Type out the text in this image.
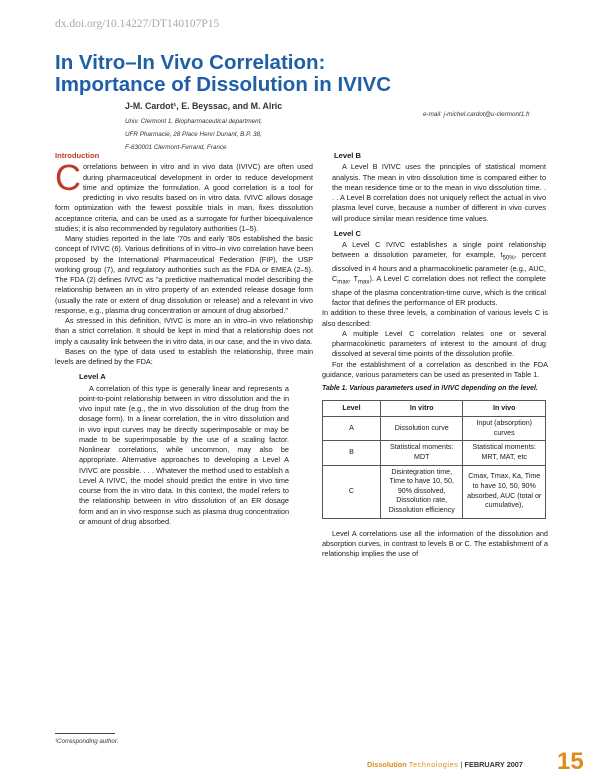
dx.doi.org/10.14227/DT140107P15
In Vitro–In Vivo Correlation:
Importance of Dissolution in IVIVC
J-M. Cardot¹, E. Beyssac, and M. Alric
Univ. Clermont 1, Biopharmaceutical department,
UFR Pharmacie, 28 Place Henri Dunant, B.P. 38,
F-630001 Clermont-Ferrand, France
e-mail: j-michel.cardot@u-clermont1.fr
Introduction

Correlations between in vitro and in vivo data (IVIVC) are often used during pharmaceutical development in order to reduce development time and optimize the formulation. A good correlation is a tool for predicting in vivo results based on in vitro data. IVIVC allows dosage form optimization with the fewest possible trials in man, fixes dissolution acceptance criteria, and can be used as a surrogate for further bioequivalence studies; it is also recommended by regulatory authorities (1–5).

Many studies reported in the late '70s and early '80s established the basic concept of IVIVC (6). Various definitions of in vitro–in vivo correlation have been proposed by the International Pharmaceutical Federation (FIP), the USP working group (7), and regulatory authorities such as the FDA or EMEA (2–5). The FDA (2) defines IVIVC as "a predictive mathematical model describing the relationship between an in vitro property of an extended release dosage form (usually the rate or extent of drug dissolution or release) and a relevant in vivo response, e.g., plasma drug concentration or amount of drug absorbed."

As stressed in this definition, IVIVC is more an in vitro–in vivo relationship than a strict correlation. It should be kept in mind that a relationship does not imply a causality link between the in vitro data, in our case, and the in vivo data.

Bases on the type of data used to establish the relationship, three main levels are defined by the FDA:

Level A

A correlation of this type is generally linear and represents a point-to-point relationship between in vitro dissolution and the in vivo input rate (e.g., the in vivo dissolution of the drug from the dosage form). In a linear correlation, the in vitro dissolution and in vivo input curves may be directly superimposable or may be made to be superimposable by the use of a scaling factor. Nonlinear correlations, while uncommon, may also be appropriate. Alternative approaches to developing a Level A IVIVC are possible. . . . Whatever the method used to establish a Level A IVIVC, the model should predict the entire in vivo time course from the in vitro data. In this context, the model refers to the relationship between in vitro dissolution of an ER dosage form and an in vivo response such as plasma drug concentration or amount of drug absorbed.

Level B

A Level B IVIVC uses the principles of statistical moment analysis. The mean in vitro dissolution time is compared either to the mean residence time or to the mean in vivo dissolution time. . . . A Level B correlation does not uniquely reflect the actual in vivo plasma level curve, because a number of different in vivo curves will produce similar mean residence time values.

Level C

A Level C IVIVC establishes a single point relationship between a dissolution parameter, for example, $t_{50\%}$, percent dissolved in 4 hours and a pharmacokinetic parameter (e.g., AUC, $C_{max}$, $T_{max}$). A Level C correlation does not reflect the complete shape of the plasma concentration-time curve, which is the critical factor that defines the performance of ER products.

In addition to these three levels, a combination of various levels C is also described:

A multiple Level C correlation relates one or several pharmacokinetic parameters of interest to the amount of drug dissolved at several time points of the dissolution profile.

For the establishment of a correlation as described in the FDA guidance, various parameters can be used as presented in Table 1.

Table 1. Various parameters used in IVIVC depending on the level.

Level	In vitro	In vivo
A	Dissolution curve	Input (absorption) curves
B	Statistical moments: MDT	Statistical moments: MRT, MAT, etc
C	Disintegration time, Time to have 10, 50, 90% dissolved, Dissolution rate, Dissolution efficiency	Cmax, Tmax, Ka, Time to have 10, 50, 90% absorbed, AUC (total or cumulative),

Level A correlations use all the information of the dissolution and absorption curves, in contrast to levels B or C. The establishment of a relationship implies the use of

¹Corresponding author.
Dissolution Technologies | FEBRUARY 2007 15
